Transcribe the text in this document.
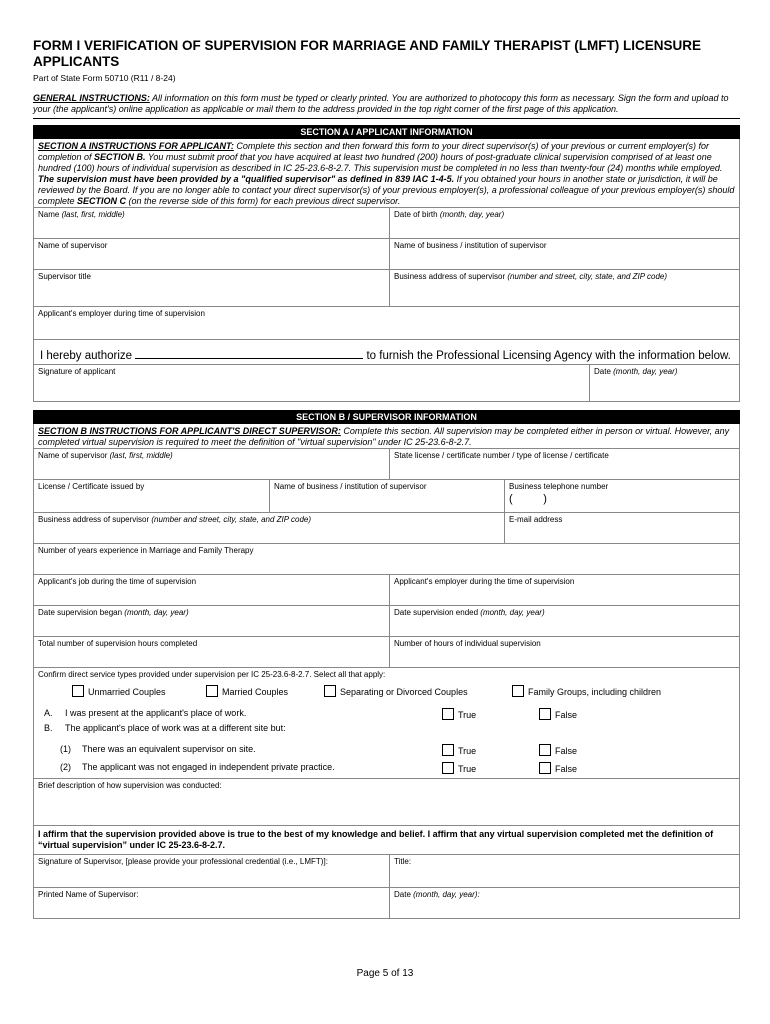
FORM I VERIFICATION OF SUPERVISION FOR MARRIAGE AND FAMILY THERAPIST (LMFT) LICENSURE APPLICANTS
Part of State Form 50710 (R11 / 8-24)
GENERAL INSTRUCTIONS: All information on this form must be typed or clearly printed. You are authorized to photocopy this form as necessary. Sign the form and upload to your (the applicant's) online application as applicable or mail them to the address provided in the top right corner of the first page of this application.
SECTION A / APPLICANT INFORMATION
SECTION A INSTRUCTIONS FOR APPLICANT: Complete this section and then forward this form to your direct supervisor(s) of your previous or current employer(s) for completion of SECTION B. You must submit proof that you have acquired at least two hundred (200) hours of post-graduate clinical supervision comprised of at least one hundred (100) hours of individual supervision as described in IC 25-23.6-8-2.7. This supervision must be completed in no less than twenty-four (24) months while employed. The supervision must have been provided by a "qualified supervisor" as defined in 839 IAC 1-4-5. If you obtained your hours in another state or jurisdiction, it will be reviewed by the Board. If you are no longer able to contact your direct supervisor(s) of your previous employer(s), a professional colleague of your previous employer(s) should complete SECTION C (on the reverse side of this form) for each previous direct supervisor.
Name (last, first, middle)	Date of birth (month, day, year)
Name of supervisor	Name of business / institution of supervisor
Supervisor title	Business address of supervisor (number and street, city, state, and ZIP code)
Applicant's employer during time of supervision
I hereby authorize	to furnish the Professional Licensing Agency with the information below.
Signature of applicant	Date (month, day, year)
SECTION B / SUPERVISOR INFORMATION
SECTION B INSTRUCTIONS FOR APPLICANT'S DIRECT SUPERVISOR: Complete this section. All supervision may be completed either in person or virtual. However, any completed virtual supervision is required to meet the definition of "virtual supervision" under IC 25-23.6-8-2.7.
Name of supervisor (last, first, middle)	State license / certificate number / type of license / certificate
License / Certificate issued by	Name of business / institution of supervisor	Business telephone number
(          )
Business address of supervisor (number and street, city, state, and ZIP code)	E-mail address
Number of years experience in Marriage and Family Therapy
Applicant's job during the time of supervision	Applicant's employer during the time of supervision
Date supervision began (month, day, year)	Date supervision ended (month, day, year)
Total number of supervision hours completed	Number of hours of individual supervision
Confirm direct service types provided under supervision per IC 25-23.6-8-2.7. Select all that apply:
Unmarried Couples	Married Couples	Separating or Divorced Couples	Family Groups, including children
A. I was present at the applicant's place of work.	True	False
B. The applicant's place of work was at a different site but:
(1) There was an equivalent supervisor on site.	True	False
(2) The applicant was not engaged in independent private practice.	True	False
Brief description of how supervision was conducted:
I affirm that the supervision provided above is true to the best of my knowledge and belief. I affirm that any virtual supervision completed met the definition of “virtual supervision” under IC 25-23.6-8-2.7.
Signature of Supervisor, [please provide your professional credential (i.e., LMFT)]:	Title:
Printed Name of Supervisor:	Date (month, day, year):
Page 5 of 13
